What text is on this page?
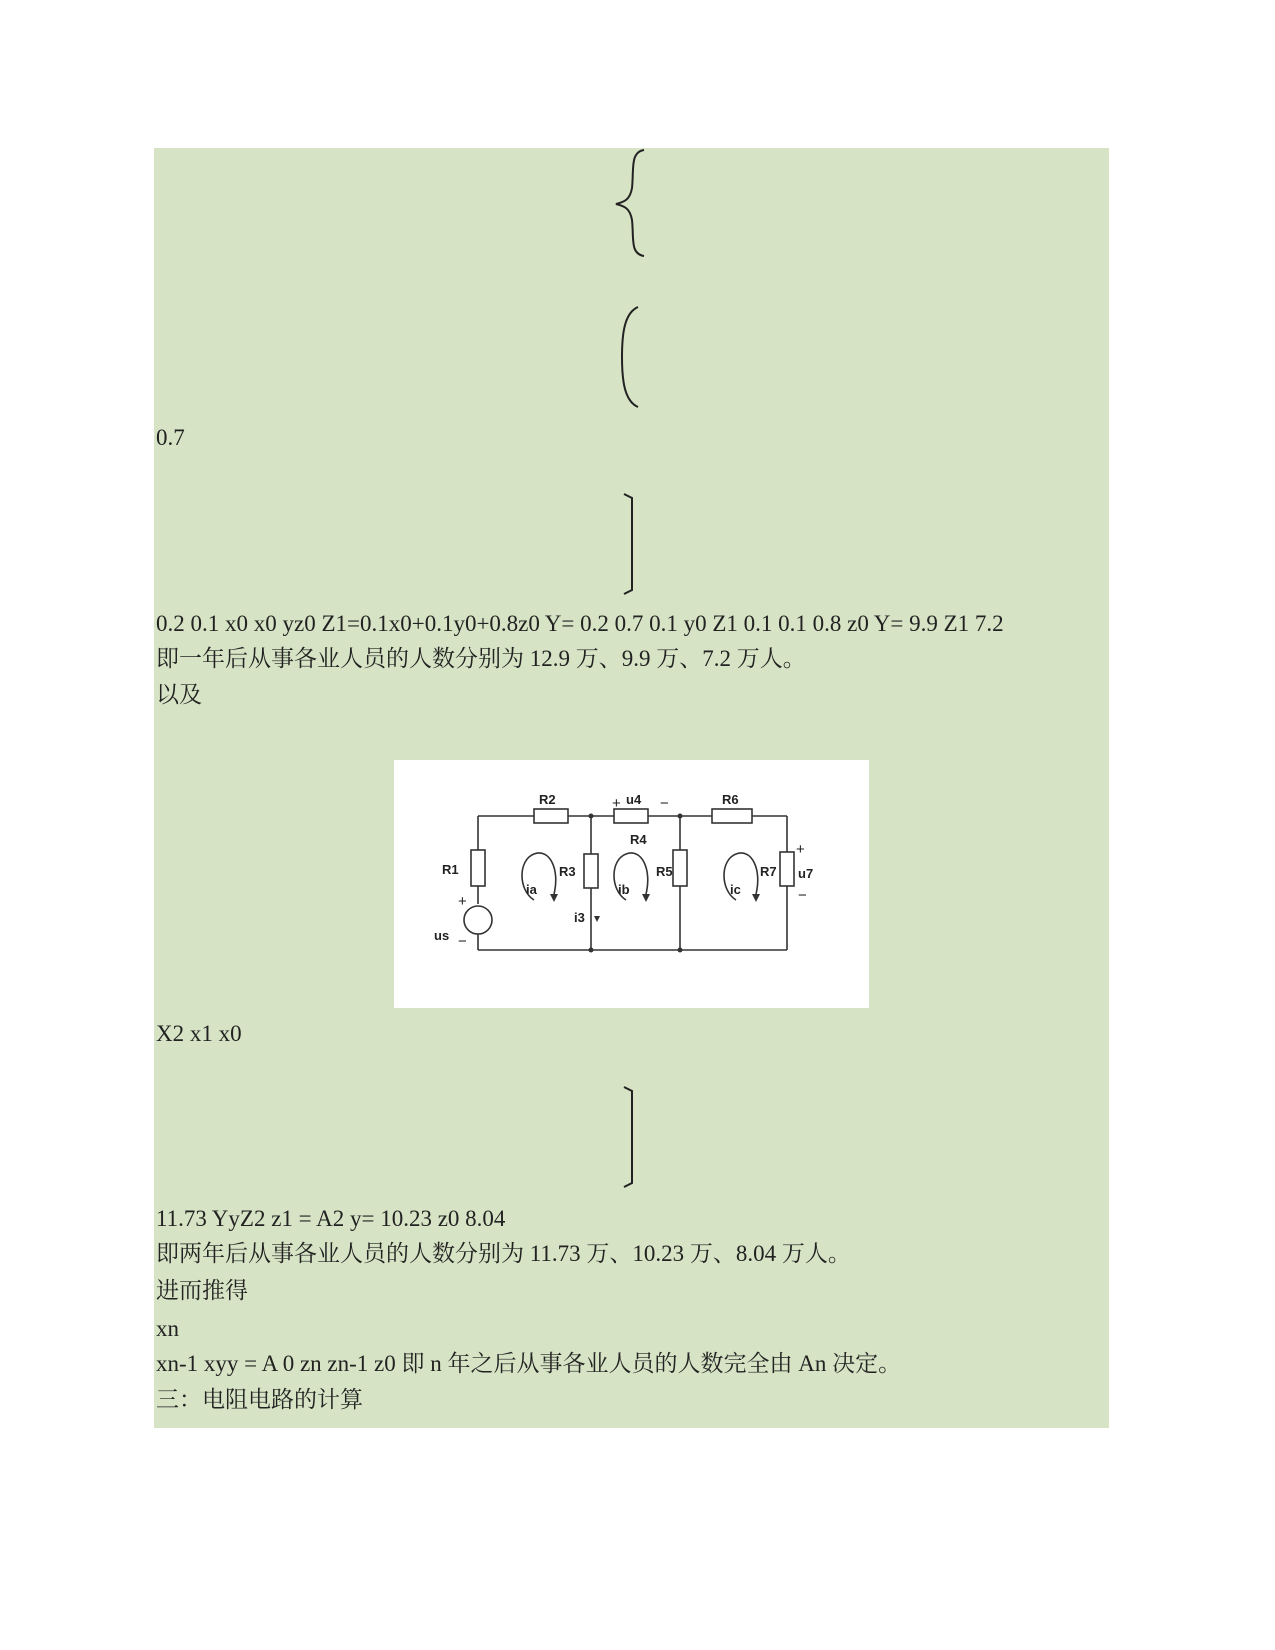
0.7
0.2 0.1 x0 x0 yz0 Z1=0.1x0+0.1y0+0.8z0 Y= 0.2 0.7 0.1 y0 Z1 0.1 0.1 0.8 z0 Y= 9.9 Z1 7.2
即一年后从事各业人员的人数分别为 12.9 万、9.9 万、7.2 万人。
以及
R2
R4
R6
R1	R3	R5	R7
us
u4
u7
ia	ib	ic
i3
+
−
+	−
+
−
X2 x1 x0
11.73 YyZ2 z1 = A2 y= 10.23 z0 8.04
即两年后从事各业人员的人数分别为 11.73 万、10.23 万、8.04 万人。
进而推得
xn
xn-1 xyy = A 0 zn zn-1 z0 即 n 年之后从事各业人员的人数完全由 An 决定。
三：电阻电路的计算
